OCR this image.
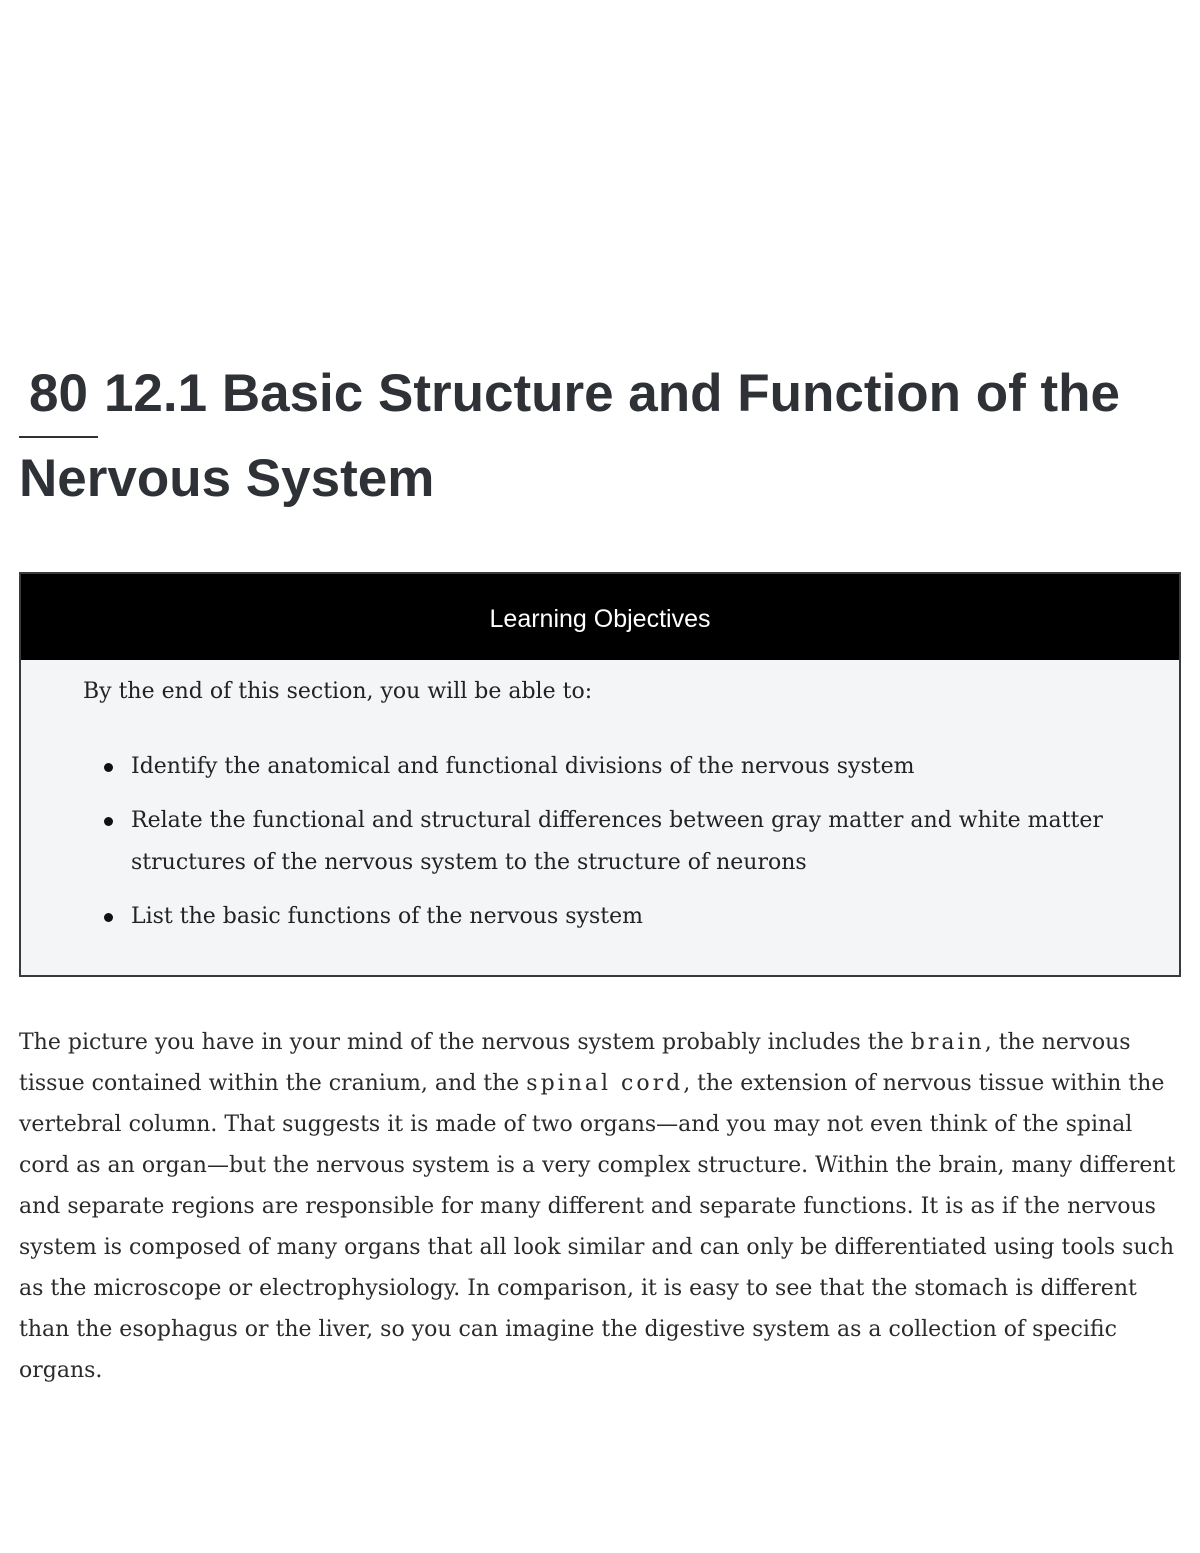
80 12.1 Basic Structure and Function of the Nervous System
Learning Objectives

By the end of this section, you will be able to:

Identify the anatomical and functional divisions of the nervous system
Relate the functional and structural differences between gray matter and white matter structures of the nervous system to the structure of neurons
List the basic functions of the nervous system

The picture you have in your mind of the nervous system probably includes the brain, the nervous tissue contained within the cranium, and the spinal cord, the extension of nervous tissue within the vertebral column. That suggests it is made of two organs—and you may not even think of the spinal cord as an organ—but the nervous system is a very complex structure. Within the brain, many different and separate regions are responsible for many different and separate functions. It is as if the nervous system is composed of many organs that all look similar and can only be differentiated using tools such as the microscope or electrophysiology. In comparison, it is easy to see that the stomach is different than the esophagus or the liver, so you can imagine the digestive system as a collection of specific organs.
